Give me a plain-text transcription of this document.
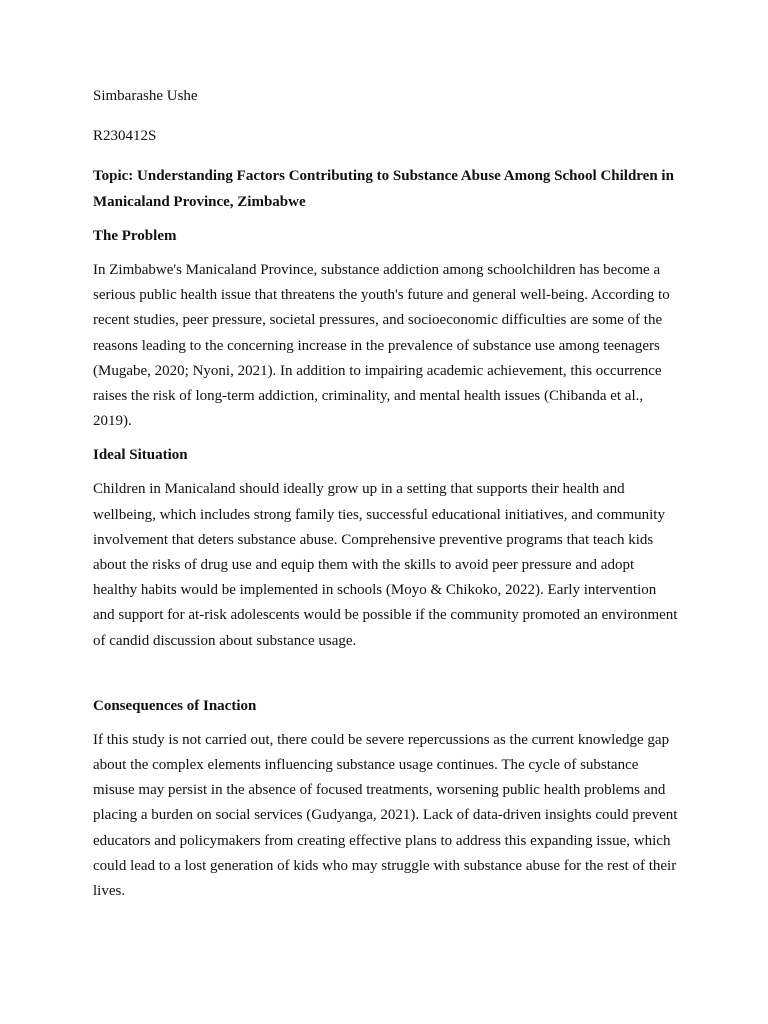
Simbarashe Ushe

R230412S

Topic: Understanding Factors Contributing to Substance Abuse Among School Children in Manicaland Province, Zimbabwe

The Problem

In Zimbabwe's Manicaland Province, substance addiction among schoolchildren has become a serious public health issue that threatens the youth's future and general well-being. According to recent studies, peer pressure, societal pressures, and socioeconomic difficulties are some of the reasons leading to the concerning increase in the prevalence of substance use among teenagers (Mugabe, 2020; Nyoni, 2021). In addition to impairing academic achievement, this occurrence raises the risk of long-term addiction, criminality, and mental health issues (Chibanda et al., 2019).

Ideal Situation

Children in Manicaland should ideally grow up in a setting that supports their health and wellbeing, which includes strong family ties, successful educational initiatives, and community involvement that deters substance abuse. Comprehensive preventive programs that teach kids about the risks of drug use and equip them with the skills to avoid peer pressure and adopt healthy habits would be implemented in schools (Moyo & Chikoko, 2022). Early intervention and support for at-risk adolescents would be possible if the community promoted an environment of candid discussion about substance usage.

Consequences of Inaction

If this study is not carried out, there could be severe repercussions as the current knowledge gap about the complex elements influencing substance usage continues. The cycle of substance misuse may persist in the absence of focused treatments, worsening public health problems and placing a burden on social services (Gudyanga, 2021). Lack of data-driven insights could prevent educators and policymakers from creating effective plans to address this expanding issue, which could lead to a lost generation of kids who may struggle with substance abuse for the rest of their lives.
